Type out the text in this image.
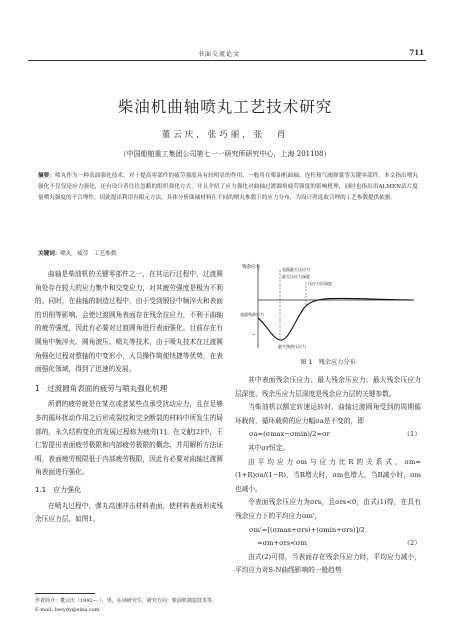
书面交流论文	711
柴油机曲轴喷丸工艺技术研究
董云庆，张巧丽，张　肖
（中国船舶重工集团公司第七一一研究所研究中心，上海 201108）
摘要：喷丸作为一种表面强化技术，对于提高零部件的疲劳强度具有较明显的作用，一般用在柴油机曲轴、连杆和气阀弹簧等关键零部件。本文指出喷丸强化不仅仅是应力强化，还有设计者往往忽略的组织强化方式，并且介绍了应力强化对曲轴过渡圆角疲劳强度的影响机理，同时也指出用ALMEN试片度量喷丸强度的不合理性。因此提出利用有限元方法，具体分析曲轴材料在不同的喷丸参数下的应力分布，为设计者选取合理的工艺参数提供依据。
关键词：喷丸　疲劳　工艺参数

曲轴是柴油机的关键零部件之一，在其运行过程中，过渡圆角处存在较大的应力集中和交变应力，对其疲劳强度是极为不利的。同时，在曲轴的制造过程中，由于受到锻径中频淬火和表面的切削等影响，会使过渡圆角表面存在残余拉应力，不利于曲轴的疲劳强度，因此有必要对过渡圆角进行表面强化。目前存在有圆角中频淬火、圆角滚压、喷丸等技术，由于喷丸技术在过渡圆角强化过程对整轴的中变形小，人员操作简便快捷等优势，在表面强化领域，得到了迅速的发展。

1　过渡圆角表面的疲劳与喷丸强化机理

所谓的疲劳就是在某点或者某些点承受扰动应力，且在足够多的循环扰动作用之后形成裂纹和完全断裂的材料中所发生的局部的，永久结构变化的发展过程称为疲劳[1]。在文献[2]中，王仁智提出表面疲劳极限和内部疲劳极限的概念，并用解析方法证明，表面疲劳极限低于内部疲劳极限，因此有必要对曲轴过渡圆角表面进行强化。

1.1　应力强化

在喷丸过程中，弹丸高速冲击材料表面，使材料表面形成残余压应力层，如图1。

作者简介：董云庆（1992— ），男，在读研究生，研究方向：柴油机制造技术等。
E-mail: bssydy@sina.com
残余应力	表面最大压应力
最大压应力深度
压应力层深度
表面残余应力
最大残余压应力
–
图 1　残余应力分布

其中表面残余压应力、最大残余压应力、最大残余压应力层深度、残余压应力层深度是残余应力层的关键参数。

当柴油机以额定转速运转时，曲轴过渡圆角受到的周期循环载荷，循环载荷的应力幅σa是不变的，即

σa=(σmax−σmin)/2=σr	（1）

其中σr恒定。

由平均应力σm与应力比R的关系式，σm=(1+R)σa/(1−R)，当R增大时，σm也增大，当R减小时，σm也减小。

令表面残余压应力为σrs，且σrs<0，由式(1)得，在具有残余应力下的平均应力σm'，

σm'=[(σmax+σrs)+(σmin+σrs)]/2
=σm+σrs<σm	（2）

由式(2)可得，当表面存在残余压应力时，平均应力减小，平均应力对S-N曲线影响的一般趋势
